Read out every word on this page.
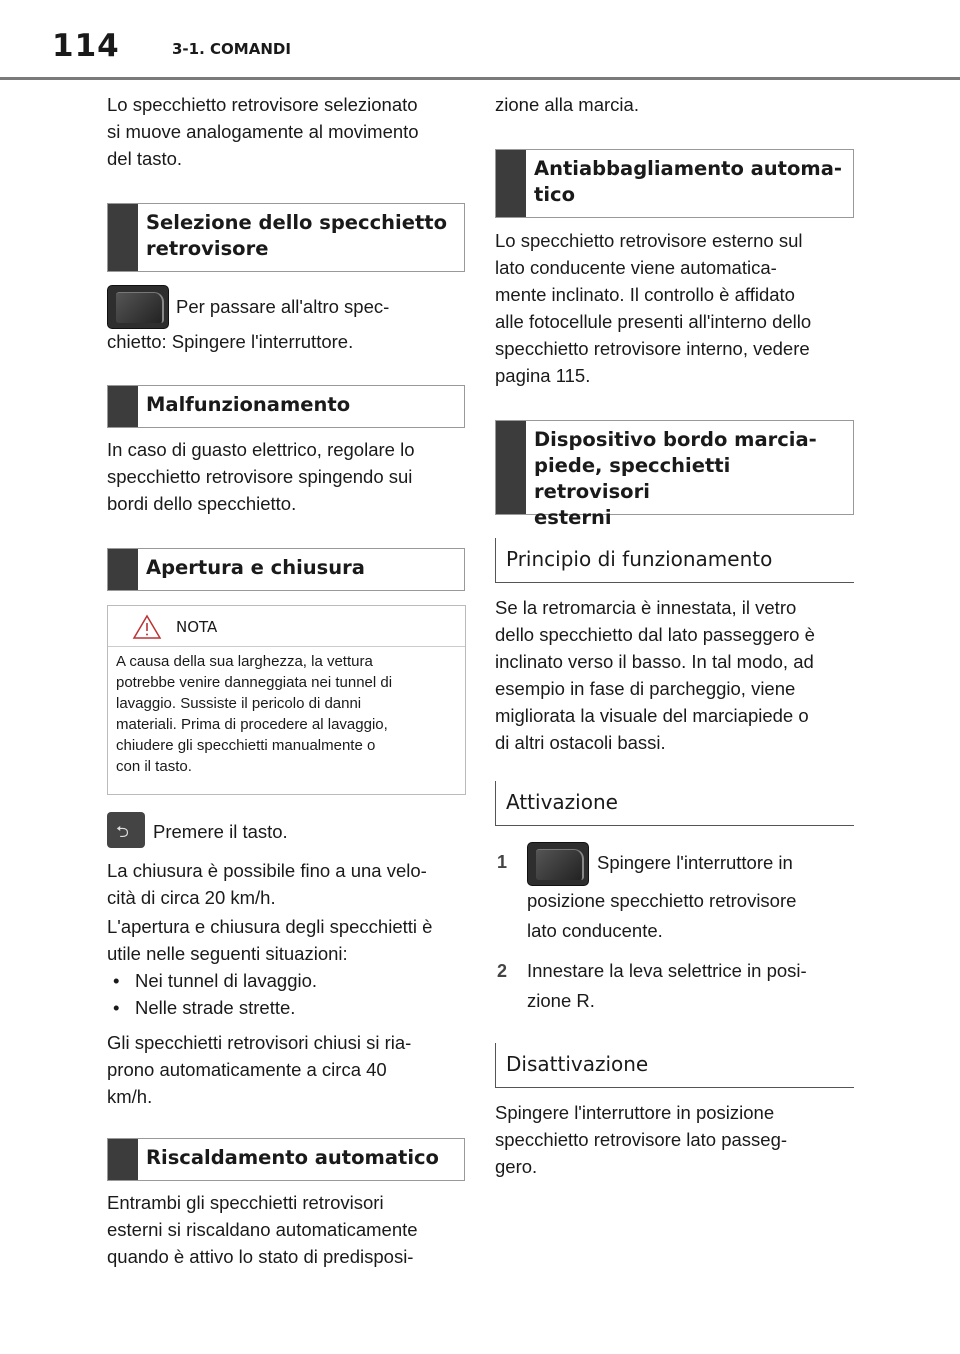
114	3-1. COMANDI
Lo specchietto retrovisore selezionato
si muove analogamente al movimento
del tasto.
Selezione dello specchietto
retrovisore
Per passare all'altro spec-
chietto: Spingere l'interruttore.
Malfunzionamento
In caso di guasto elettrico, regolare lo
specchietto retrovisore spingendo sui
bordi dello specchietto.
Apertura e chiusura
NOTA
A causa della sua larghezza, la vettura
potrebbe venire danneggiata nei tunnel di
lavaggio. Sussiste il pericolo di danni
materiali. Prima di procedere al lavaggio,
chiudere gli specchietti manualmente o
con il tasto.
⮌ Premere il tasto.
La chiusura è possibile fino a una velo-
cità di circa 20 km/h.
L'apertura e chiusura degli specchietti è
utile nelle seguenti situazioni:
• Nei tunnel di lavaggio.
• Nelle strade strette.
Gli specchietti retrovisori chiusi si ria-
prono automaticamente a circa 40
km/h.
Riscaldamento automatico
Entrambi gli specchietti retrovisori
esterni si riscaldano automaticamente
quando è attivo lo stato di predisposi-
zione alla marcia.
Antiabbagliamento automa-
tico
Lo specchietto retrovisore esterno sul
lato conducente viene automatica-
mente inclinato. Il controllo è affidato
alle fotocellule presenti all'interno dello
specchietto retrovisore interno, vedere
pagina 115.
Dispositivo bordo marcia-
piede, specchietti retrovisori
esterni
Principio di funzionamento
Se la retromarcia è innestata, il vetro
dello specchietto dal lato passeggero è
inclinato verso il basso. In tal modo, ad
esempio in fase di parcheggio, viene
migliorata la visuale del marciapiede o
di altri ostacoli bassi.
Attivazione
1	Spingere l'interruttore in
posizione specchietto retrovisore
lato conducente.
2 Innestare la leva selettrice in posi-
zione R.
Disattivazione
Spingere l'interruttore in posizione
specchietto retrovisore lato passeg-
gero.
